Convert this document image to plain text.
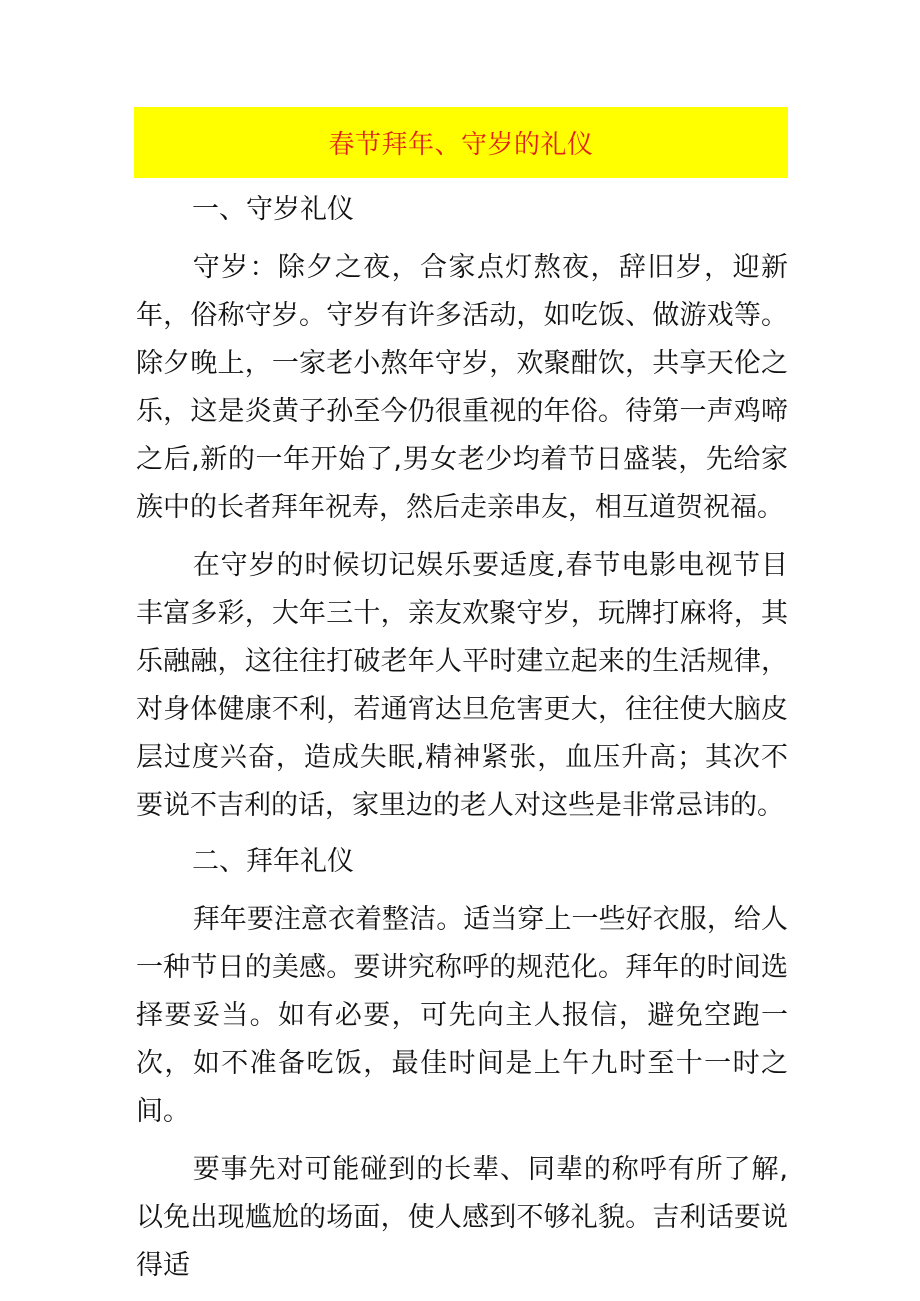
春节拜年、守岁的礼仪
一、守岁礼仪

守岁：除夕之夜，合家点灯熬夜，辞旧岁，迎新年，俗称守岁。守岁有许多活动，如吃饭、做游戏等。除夕晚上，一家老小熬年守岁，欢聚酣饮，共享天伦之乐，这是炎黄子孙至今仍很重视的年俗。待第一声鸡啼之后,新的一年开始了,男女老少均着节日盛装，先给家族中的长者拜年祝寿，然后走亲串友，相互道贺祝福。

在守岁的时候切记娱乐要适度,春节电影电视节目丰富多彩，大年三十，亲友欢聚守岁，玩牌打麻将，其乐融融，这往往打破老年人平时建立起来的生活规律，对身体健康不利，若通宵达旦危害更大，往往使大脑皮层过度兴奋，造成失眠,精神紧张，血压升高；其次不要说不吉利的话，家里边的老人对这些是非常忌讳的。

二、拜年礼仪

拜年要注意衣着整洁。适当穿上一些好衣服，给人一种节日的美感。要讲究称呼的规范化。拜年的时间选择要妥当。如有必要，可先向主人报信，避免空跑一次，如不准备吃饭，最佳时间是上午九时至十一时之间。

要事先对可能碰到的长辈、同辈的称呼有所了解,以免出现尴尬的场面，使人感到不够礼貌。吉利话要说得适
